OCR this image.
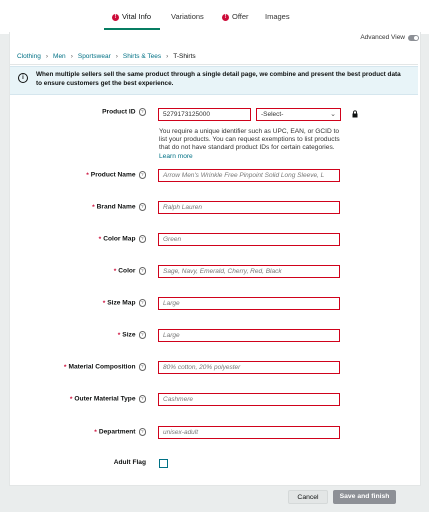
! Vital Info	Variations	! Offer Images
Advanced View
Clothing › Men › Sportswear › Shirts & Tees › T-Shirts
i	When multiple sellers sell the same product through a single detail page, we combine and present the best product data to ensure customers get the best experience.
Product ID ?
5279173125000	-Select-	⌄
You require a unique identifier such as UPC, EAN, or GCID to list your products. You can request exemptions to list products that do not have standard product IDs for certain categories. Learn more
* Product Name ?	Arrow Men's Wrinkle Free Pinpoint Solid Long Sleeve, L
* Brand Name ?	Ralph Lauren
* Color Map ?	Green
* Color ?	Sage, Navy, Emerald, Cherry, Red, Black
* Size Map ?	Large
* Size ?	Large
* Material Composition ?	80% cotton, 20% polyester
* Outer Material Type ?	Cashmere
* Department ?	unisex-adult
Adult Flag
Cancel	Save and finish
